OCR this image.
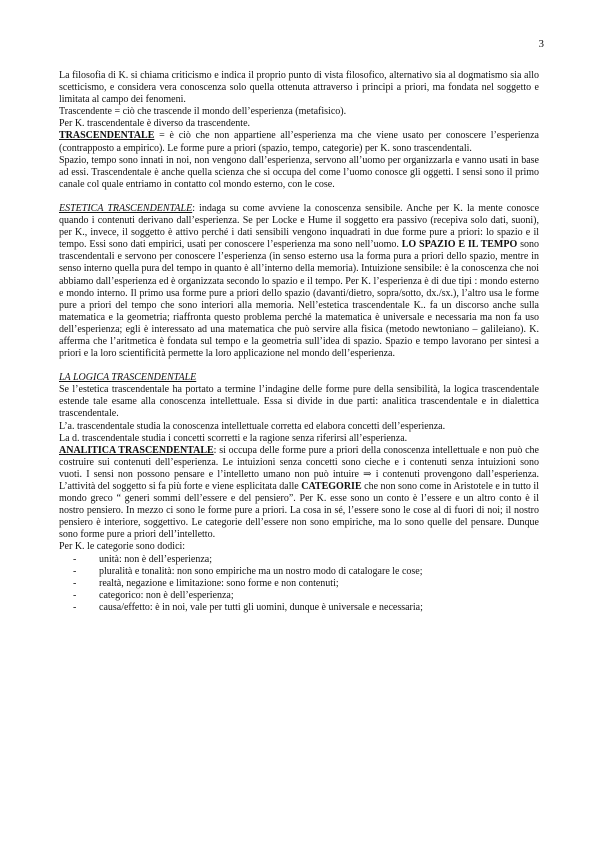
3

La filosofia di K. si chiama criticismo e indica il proprio punto di vista filosofico, alternativo sia al dogmatismo sia allo scetticismo, e considera vera conoscenza solo quella ottenuta attraverso i principi a priori, ma fondata nel soggetto e limitata al campo dei fenomeni.

Trascendente = ciò che trascende il mondo dell’esperienza (metafisico).

Per K. trascendentale è diverso da trascendente.

TRASCENDENTALE = è ciò che non appartiene all’esperienza ma che viene usato per conoscere l’esperienza (contrapposto a empirico). Le forme pure a priori (spazio, tempo, categorie) per K. sono trascendentali.

Spazio, tempo sono innati in noi, non vengono dall’esperienza, servono all’uomo per organizzarla e vanno usati in base ad essi. Trascendentale è anche quella scienza che si occupa del come l’uomo conosce gli oggetti. I sensi sono il primo canale col quale entriamo in contatto col mondo esterno, con le cose.

ESTETICA TRASCENDENTALE: indaga su come avviene la conoscenza sensibile. Anche per K. la mente conosce quando i contenuti derivano dall’esperienza. Se per Locke e Hume il soggetto era passivo (recepiva solo dati, suoni), per K., invece, il soggetto è attivo perché i dati sensibili vengono inquadrati in due forme pure a priori: lo spazio e il tempo. Essi sono dati empirici, usati per conoscere l’esperienza ma sono nell’uomo. LO SPAZIO E IL TEMPO sono trascendentali e servono per conoscere l’esperienza (in senso esterno usa la forma pura a priori dello spazio, mentre in senso interno quella pura del tempo in quanto è all’interno della memoria). Intuizione sensibile: è la conoscenza che noi abbiamo dall’esperienza ed è organizzata secondo lo spazio e il tempo. Per K. l’esperienza è di due tipi : mondo esterno e mondo interno. Il primo usa forme pure a priori dello spazio (davanti/dietro, sopra/sotto, dx./sx.), l’altro usa le forme pure a priori del tempo che sono interiori alla memoria. Nell’estetica trascendentale K.. fa un discorso anche sulla matematica e la geometria; riaffronta questo problema perché la matematica è universale e necessaria ma non fa uso dell’esperienza; egli è interessato ad una matematica che può servire alla fisica (metodo newtoniano – galileiano). K. afferma che l’aritmetica è fondata sul tempo e la geometria sull’idea di spazio. Spazio e tempo lavorano per sintesi a priori e la loro scientificità permette la loro applicazione nel mondo dell’esperienza.

LA LOGICA TRASCENDENTALE

Se l’estetica trascendentale ha portato a termine l’indagine delle forme pure della sensibilità, la logica trascendentale estende tale esame alla conoscenza intellettuale. Essa si divide in due parti: analitica trascendentale e in dialettica trascendentale.

L’a. trascendentale studia la conoscenza intellettuale corretta ed elabora concetti dell’esperienza.

La d. trascendentale studia i concetti scorretti e la ragione senza riferirsi all’esperienza.

ANALITICA TRASCENDENTALE: si occupa delle forme pure a priori della conoscenza intellettuale e non può che costruire sui contenuti dell’esperienza. Le intuizioni senza concetti sono cieche e i contenuti senza intuizioni sono vuoti. I sensi non possono pensare e l’intelletto umano non può intuire ⇒ i contenuti provengono dall’esperienza. L’attività del soggetto si fa più forte e viene esplicitata dalle CATEGORIE che non sono come in Aristotele e in tutto il mondo greco “ generi sommi dell’essere e del pensiero”. Per K. esse sono un conto è l’essere e un altro conto è il nostro pensiero. In mezzo ci sono le forme pure a priori. La cosa in sé, l’essere sono le cose al di fuori di noi; il nostro pensiero è interiore, soggettivo. Le categorie dell’essere non sono empiriche, ma lo sono quelle del pensare. Dunque sono forme pure a priori dell’intelletto.

Per K. le categorie sono dodici:

- unità: non è dell’esperienza;
- pluralità e tonalità: non sono empiriche ma un nostro modo di catalogare le cose;
- realtà, negazione e limitazione: sono forme e non contenuti;
- categorico: non è dell’esperienza;
- causa/effetto: è in noi, vale per tutti gli uomini, dunque è universale e necessaria;
